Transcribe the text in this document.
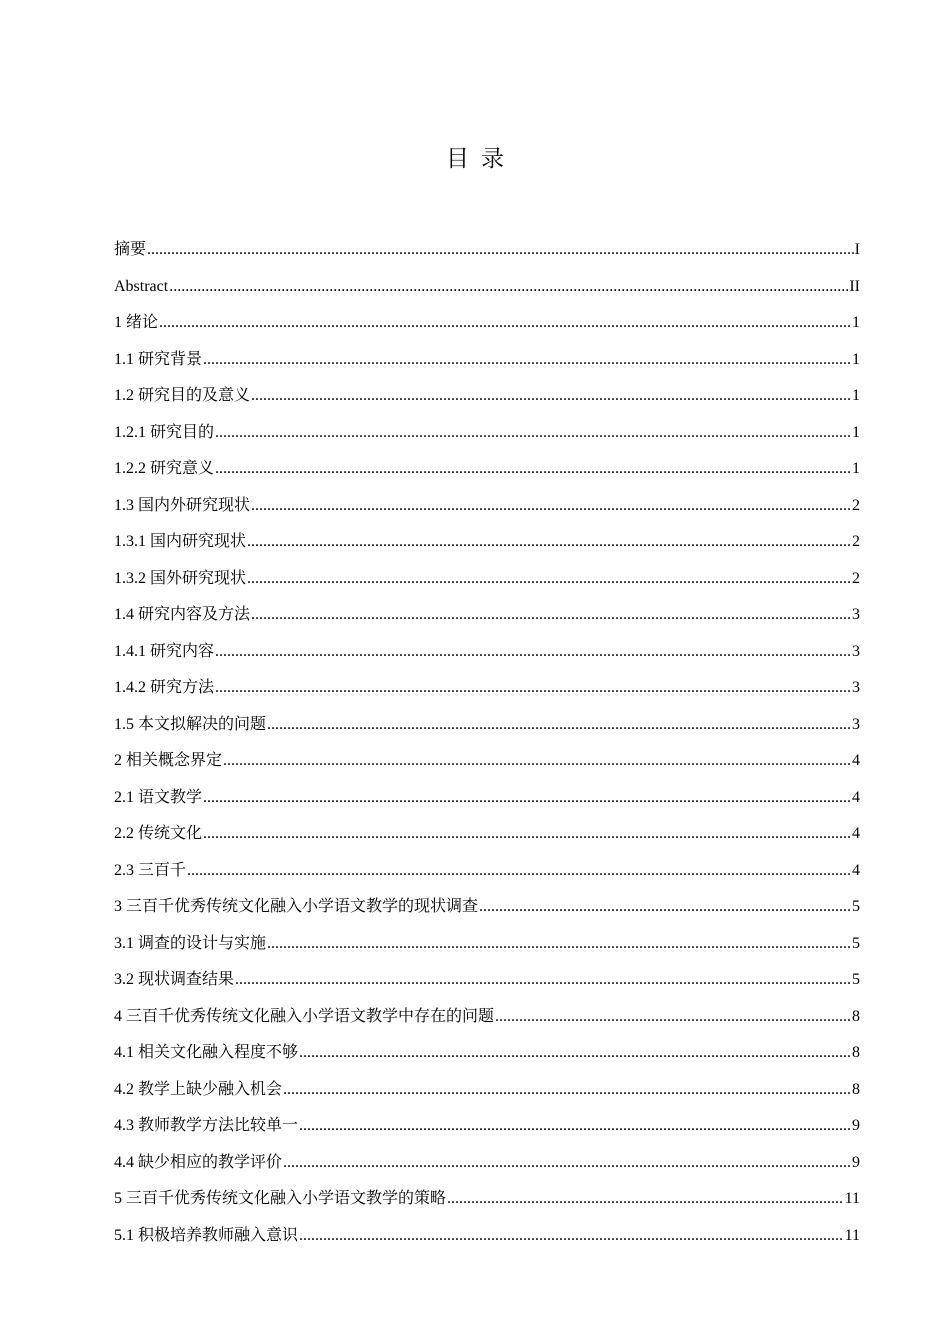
目录
摘要 .....	I
Abstract .....	II
1 绪论 .....	1
1.1 研究背景 .....	1
1.2 研究目的及意义 .....	1
1.2.1 研究目的 .....	1
1.2.2 研究意义 .....	1
1.3 国内外研究现状 .....	2
1.3.1 国内研究现状 .....	2
1.3.2 国外研究现状 .....	2
1.4 研究内容及方法 .....	3
1.4.1 研究内容 .....	3
1.4.2 研究方法 .....	3
1.5 本文拟解决的问题 .....	3
2 相关概念界定 .....	4
2.1 语文教学 .....	4
2.2 传统文化 .....	4
2.3 三百千 .....	4
3 三百千优秀传统文化融入小学语文教学的现状调查 .....	5
3.1 调查的设计与实施 .....	5
3.2 现状调查结果 .....	5
4 三百千优秀传统文化融入小学语文教学中存在的问题 .....	8
4.1 相关文化融入程度不够 .....	8
4.2 教学上缺少融入机会 .....	8
4.3 教师教学方法比较单一 .....	9
4.4 缺少相应的教学评价 .....	9
5 三百千优秀传统文化融入小学语文教学的策略 .....	11
5.1 积极培养教师融入意识 .....	11
